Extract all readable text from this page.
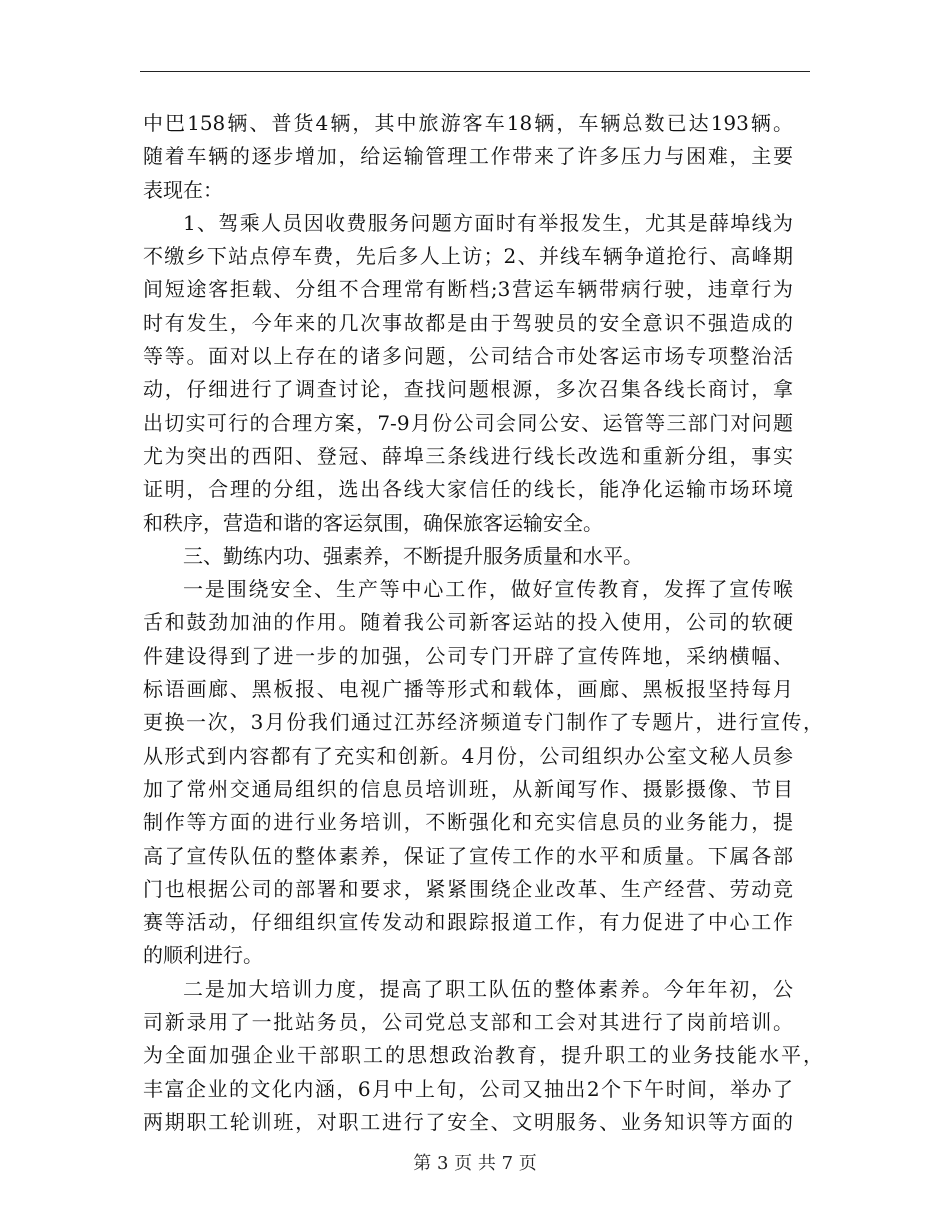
中巴158辆、普货4辆，其中旅游客车18辆，车辆总数已达193辆。
随着车辆的逐步增加，给运输管理工作带来了许多压力与困难，主要
表现在：
1、驾乘人员因收费服务问题方面时有举报发生，尤其是薛埠线为
不缴乡下站点停车费，先后多人上访；2、并线车辆争道抢行、高峰期
间短途客拒载、分组不合理常有断档;3营运车辆带病行驶，违章行为
时有发生，今年来的几次事故都是由于驾驶员的安全意识不强造成的
等等。面对以上存在的诸多问题，公司结合市处客运市场专项整治活
动，仔细进行了调查讨论，查找问题根源，多次召集各线长商讨，拿
出切实可行的合理方案，7-9月份公司会同公安、运管等三部门对问题
尤为突出的西阳、登冠、薛埠三条线进行线长改选和重新分组，事实
证明，合理的分组，选出各线大家信任的线长，能净化运输市场环境
和秩序，营造和谐的客运氛围，确保旅客运输安全。
三、勤练内功、强素养，不断提升服务质量和水平。
一是围绕安全、生产等中心工作，做好宣传教育，发挥了宣传喉
舌和鼓劲加油的作用。随着我公司新客运站的投入使用，公司的软硬
件建设得到了进一步的加强，公司专门开辟了宣传阵地，采纳横幅、
标语画廊、黑板报、电视广播等形式和载体，画廊、黑板报坚持每月
更换一次，3月份我们通过江苏经济频道专门制作了专题片，进行宣传，
从形式到内容都有了充实和创新。4月份，公司组织办公室文秘人员参
加了常州交通局组织的信息员培训班，从新闻写作、摄影摄像、节目
制作等方面的进行业务培训，不断强化和充实信息员的业务能力，提
高了宣传队伍的整体素养，保证了宣传工作的水平和质量。下属各部
门也根据公司的部署和要求，紧紧围绕企业改革、生产经营、劳动竞
赛等活动，仔细组织宣传发动和跟踪报道工作，有力促进了中心工作
的顺利进行。
二是加大培训力度，提高了职工队伍的整体素养。今年年初，公
司新录用了一批站务员，公司党总支部和工会对其进行了岗前培训。
为全面加强企业干部职工的思想政治教育，提升职工的业务技能水平，
丰富企业的文化内涵，6月中上旬，公司又抽出2个下午时间，举办了
两期职工轮训班，对职工进行了安全、文明服务、业务知识等方面的
第 3 页 共 7 页
